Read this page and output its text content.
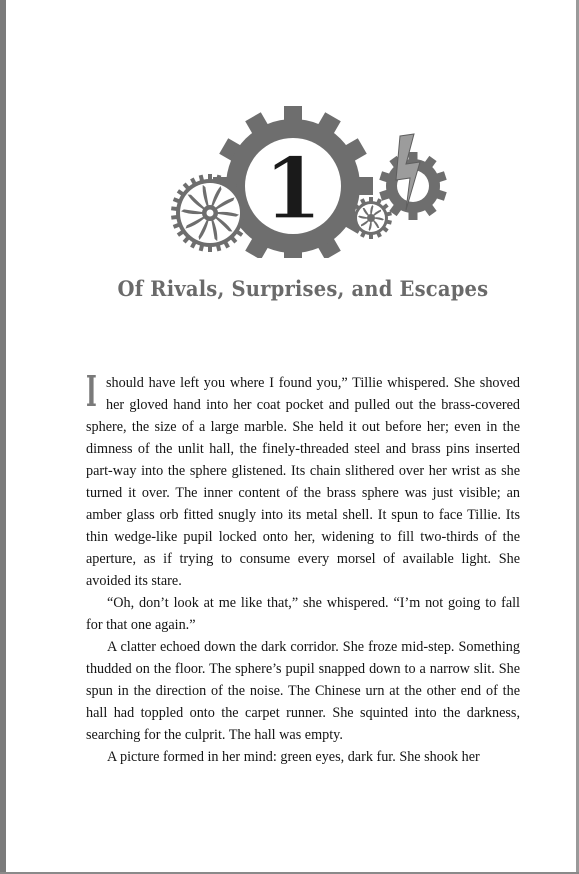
1
Of Rivals, Surprises, and Escapes

Ishould have left you where I found you,” Tillie whispered. She shoved her gloved hand into her coat pocket and pulled out the brass-covered sphere, the size of a large marble. She held it out before her; even in the dimness of the unlit hall, the finely-threaded steel and brass pins inserted part-way into the sphere glistened. Its chain slithered over her wrist as she turned it over. The inner content of the brass sphere was just visible; an amber glass orb fitted snugly into its metal shell. It spun to face Tillie. Its thin wedge-like pupil locked onto her, widening to fill two-thirds of the aperture, as if trying to consume every morsel of available light. She avoided its stare.

“Oh, don’t look at me like that,” she whispered. “I’m not going to fall for that one again.”

A clatter echoed down the dark corridor. She froze mid-step. Something thudded on the floor. The sphere’s pupil snapped down to a narrow slit. She spun in the direction of the noise. The Chinese urn at the other end of the hall had toppled onto the carpet runner. She squinted into the darkness, searching for the culprit. The hall was empty.

A picture formed in her mind: green eyes, dark fur. She shook her
